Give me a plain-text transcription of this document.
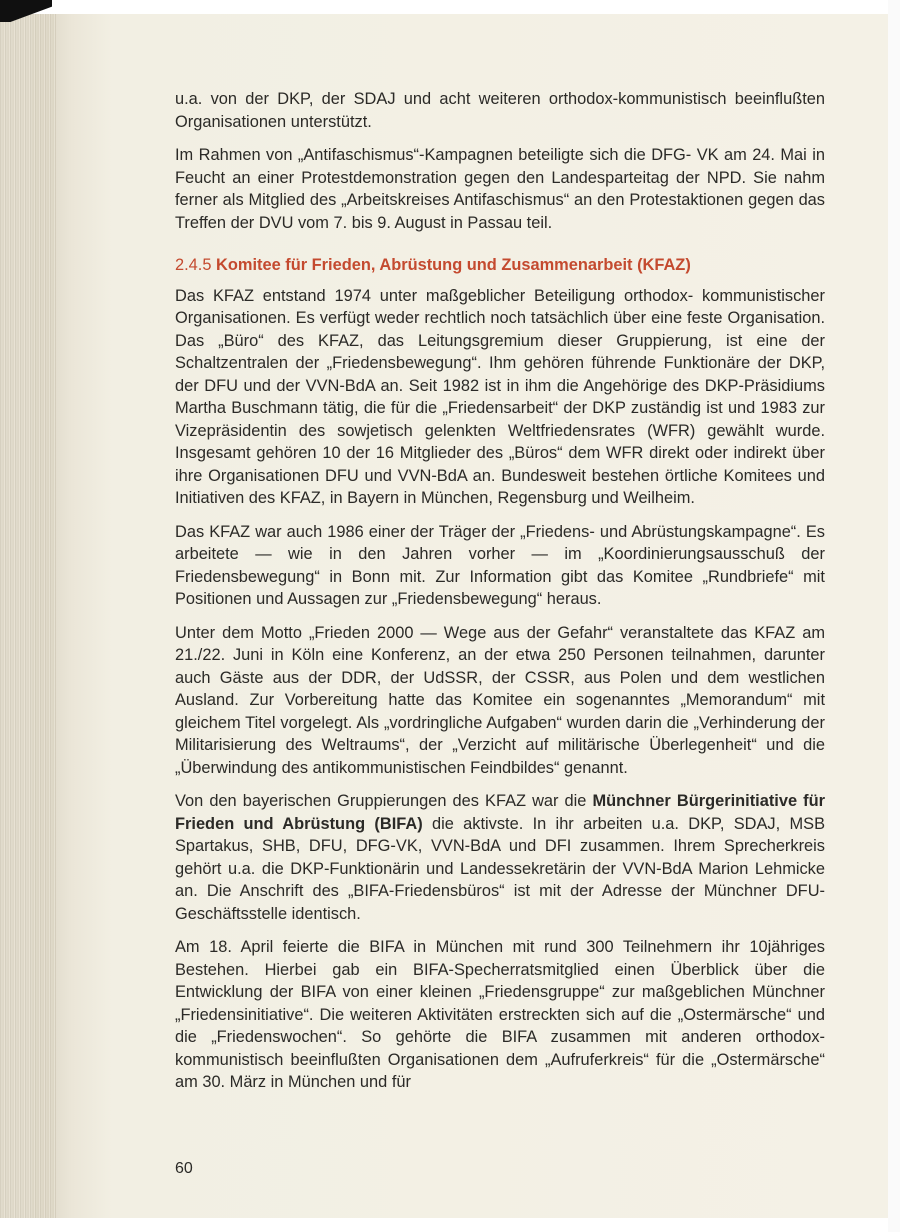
u.a. von der DKP, der SDAJ und acht weiteren orthodox-kommunistisch beeinflußten Organisationen unterstützt.

Im Rahmen von „Antifaschismus“-Kampagnen beteiligte sich die DFG- VK am 24. Mai in Feucht an einer Protestdemonstration gegen den Landesparteitag der NPD. Sie nahm ferner als Mitglied des „Arbeitskreises Antifaschismus“ an den Protestaktionen gegen das Treffen der DVU vom 7. bis 9. August in Passau teil.

2.4.5 Komitee für Frieden, Abrüstung und Zusammenarbeit (KFAZ)

Das KFAZ entstand 1974 unter maßgeblicher Beteiligung orthodox- kommunistischer Organisationen. Es verfügt weder rechtlich noch tatsächlich über eine feste Organisation. Das „Büro“ des KFAZ, das Leitungsgremium dieser Gruppierung, ist eine der Schaltzentralen der „Friedensbewegung“. Ihm gehören führende Funktionäre der DKP, der DFU und der VVN-BdA an. Seit 1982 ist in ihm die Angehörige des DKP-Präsidiums Martha Buschmann tätig, die für die „Friedensarbeit“ der DKP zuständig ist und 1983 zur Vizepräsidentin des sowjetisch gelenkten Weltfriedensrates (WFR) gewählt wurde. Insgesamt gehören 10 der 16 Mitglieder des „Büros“ dem WFR direkt oder indirekt über ihre Organisationen DFU und VVN-BdA an. Bundesweit bestehen örtliche Komitees und Initiativen des KFAZ, in Bayern in München, Regensburg und Weilheim.

Das KFAZ war auch 1986 einer der Träger der „Friedens- und Abrüstungskampagne“. Es arbeitete — wie in den Jahren vorher — im „Koordinierungsausschuß der Friedensbewegung“ in Bonn mit. Zur Information gibt das Komitee „Rundbriefe“ mit Positionen und Aussagen zur „Friedensbewegung“ heraus.

Unter dem Motto „Frieden 2000 — Wege aus der Gefahr“ veranstaltete das KFAZ am 21./22. Juni in Köln eine Konferenz, an der etwa 250 Personen teilnahmen, darunter auch Gäste aus der DDR, der UdSSR, der CSSR, aus Polen und dem westlichen Ausland. Zur Vorbereitung hatte das Komitee ein sogenanntes „Memorandum“ mit gleichem Titel vorgelegt. Als „vordringliche Aufgaben“ wurden darin die „Verhinderung der Militarisierung des Weltraums“, der „Verzicht auf militärische Überlegenheit“ und die „Überwindung des antikommunistischen Feindbildes“ genannt.

Von den bayerischen Gruppierungen des KFAZ war die Münchner Bürgerinitiative für Frieden und Abrüstung (BIFA) die aktivste. In ihr arbeiten u.a. DKP, SDAJ, MSB Spartakus, SHB, DFU, DFG-VK, VVN-BdA und DFI zusammen. Ihrem Sprecherkreis gehört u.a. die DKP-Funktionärin und Landessekretärin der VVN-BdA Marion Lehmicke an. Die Anschrift des „BIFA-Friedensbüros“ ist mit der Adresse der Münchner DFU-Geschäftsstelle identisch.

Am 18. April feierte die BIFA in München mit rund 300 Teilnehmern ihr 10jähriges Bestehen. Hierbei gab ein BIFA-Specherratsmitglied einen Überblick über die Entwicklung der BIFA von einer kleinen „Friedensgruppe“ zur maßgeblichen Münchner „Friedensinitiative“. Die weiteren Aktivitäten erstreckten sich auf die „Ostermärsche“ und die „Friedenswochen“. So gehörte die BIFA zusammen mit anderen orthodox-kommunistisch beeinflußten Organisationen dem „Aufruferkreis“ für die „Ostermärsche“ am 30. März in München und für

60
